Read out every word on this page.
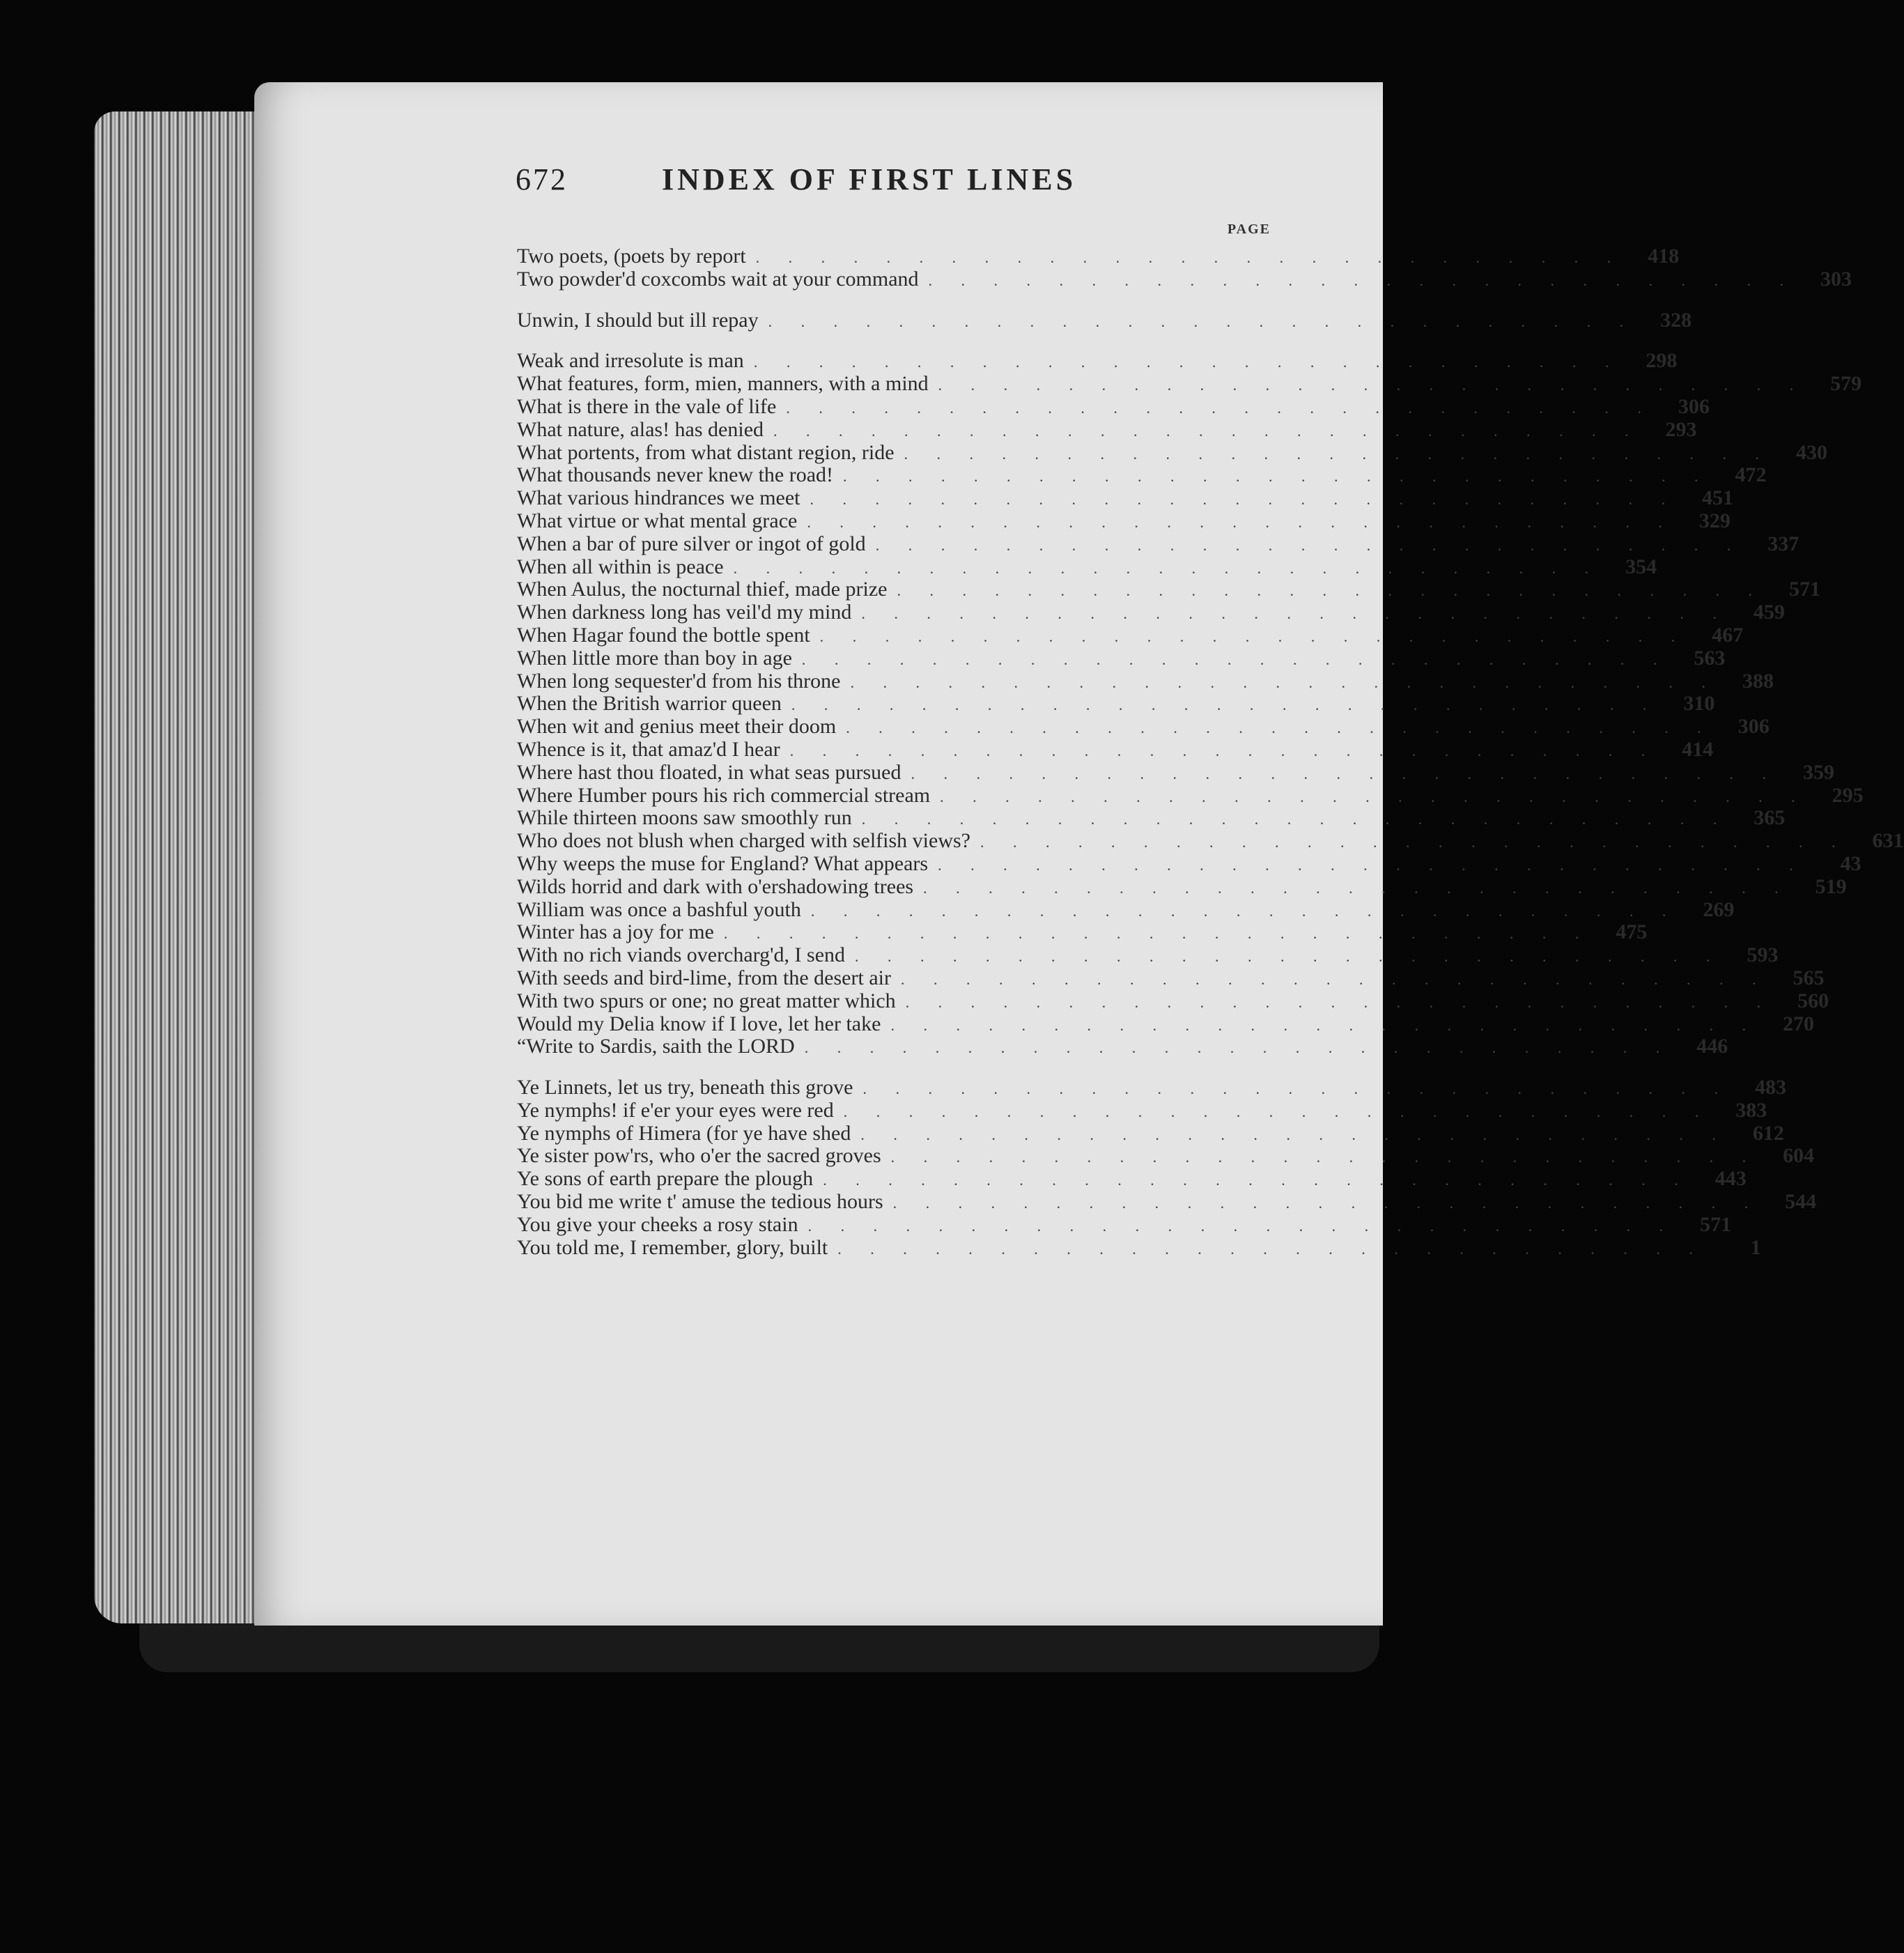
672	INDEX OF FIRST LINES
PAGE
Two poets, (poets by report . . . . . . . . . . . . . . . . . . . . . . . . . . .	418
Two powder'd coxcombs wait at your command . . . . . . . . . . . . . . . . . . . . . . . . . . .	303
Unwin, I should but ill repay . . . . . . . . . . . . . . . . . . . . . . . . . . .	328
Weak and irresolute is man . . . . . . . . . . . . . . . . . . . . . . . . . . .	298
What features, form, mien, manners, with a mind . . . . . . . . . . . . . . . . . . . . . . . . . . .	579
What is there in the vale of life . . . . . . . . . . . . . . . . . . . . . . . . . . .	306
What nature, alas! has denied . . . . . . . . . . . . . . . . . . . . . . . . . . .	293
What portents, from what distant region, ride . . . . . . . . . . . . . . . . . . . . . . . . . . .	430
What thousands never knew the road! . . . . . . . . . . . . . . . . . . . . . . . . . . .	472
What various hindrances we meet . . . . . . . . . . . . . . . . . . . . . . . . . . .	451
What virtue or what mental grace . . . . . . . . . . . . . . . . . . . . . . . . . . .	329
When a bar of pure silver or ingot of gold . . . . . . . . . . . . . . . . . . . . . . . . . . .	337
When all within is peace . . . . . . . . . . . . . . . . . . . . . . . . . . .	354
When Aulus, the nocturnal thief, made prize . . . . . . . . . . . . . . . . . . . . . . . . . . .	571
When darkness long has veil'd my mind . . . . . . . . . . . . . . . . . . . . . . . . . . .	459
When Hagar found the bottle spent . . . . . . . . . . . . . . . . . . . . . . . . . . .	467
When little more than boy in age . . . . . . . . . . . . . . . . . . . . . . . . . . .	563
When long sequester'd from his throne . . . . . . . . . . . . . . . . . . . . . . . . . . .	388
When the British warrior queen . . . . . . . . . . . . . . . . . . . . . . . . . . .	310
When wit and genius meet their doom . . . . . . . . . . . . . . . . . . . . . . . . . . .	306
Whence is it, that amaz'd I hear . . . . . . . . . . . . . . . . . . . . . . . . . . .	414
Where hast thou floated, in what seas pursued . . . . . . . . . . . . . . . . . . . . . . . . . . .	359
Where Humber pours his rich commercial stream . . . . . . . . . . . . . . . . . . . . . . . . . . .	295
While thirteen moons saw smoothly run . . . . . . . . . . . . . . . . . . . . . . . . . . .	365
Who does not blush when charged with selfish views? . . . . . . . . . . . . . . . . . . . . . . . . . . .	631
Why weeps the muse for England? What appears . . . . . . . . . . . . . . . . . . . . . . . . . . .	43
Wilds horrid and dark with o'ershadowing trees . . . . . . . . . . . . . . . . . . . . . . . . . . .	519
William was once a bashful youth . . . . . . . . . . . . . . . . . . . . . . . . . . .	269
Winter has a joy for me . . . . . . . . . . . . . . . . . . . . . . . . . . .	475
With no rich viands overcharg'd, I send . . . . . . . . . . . . . . . . . . . . . . . . . . .	593
With seeds and bird-lime, from the desert air . . . . . . . . . . . . . . . . . . . . . . . . . . .	565
With two spurs or one; no great matter which . . . . . . . . . . . . . . . . . . . . . . . . . . .	560
Would my Delia know if I love, let her take . . . . . . . . . . . . . . . . . . . . . . . . . . .	270
“Write to Sardis, saith the LORD . . . . . . . . . . . . . . . . . . . . . . . . . . .	446
Ye Linnets, let us try, beneath this grove . . . . . . . . . . . . . . . . . . . . . . . . . . .	483
Ye nymphs! if e'er your eyes were red . . . . . . . . . . . . . . . . . . . . . . . . . . .	383
Ye nymphs of Himera (for ye have shed . . . . . . . . . . . . . . . . . . . . . . . . . . .	612
Ye sister pow'rs, who o'er the sacred groves . . . . . . . . . . . . . . . . . . . . . . . . . . .	604
Ye sons of earth prepare the plough . . . . . . . . . . . . . . . . . . . . . . . . . . .	443
You bid me write t' amuse the tedious hours . . . . . . . . . . . . . . . . . . . . . . . . . . .	544
You give your cheeks a rosy stain . . . . . . . . . . . . . . . . . . . . . . . . . . .	571
You told me, I remember, glory, built . . . . . . . . . . . . . . . . . . . . . . . . . . .	1
